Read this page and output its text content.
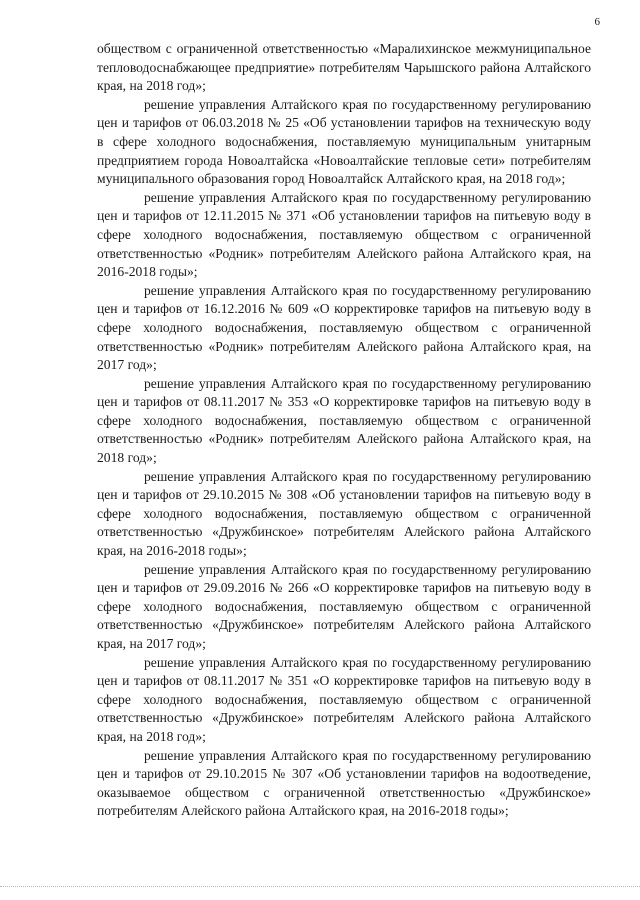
6

обществом с ограниченной ответственностью «Маралихинское межмуниципальное тепловодоснабжающее предприятие» потребителям Чарышского района Алтайского края, на 2018 год»;

решение управления Алтайского края по государственному регулированию цен и тарифов от 06.03.2018 № 25 «Об установлении тарифов на техническую воду в сфере холодного водоснабжения, поставляемую муниципальным унитарным предприятием города Новоалтайска «Новоалтайские тепловые сети» потребителям муниципального образования город Новоалтайск Алтайского края, на 2018 год»;

решение управления Алтайского края по государственному регулированию цен и тарифов от 12.11.2015 № 371 «Об установлении тарифов на питьевую воду в сфере холодного водоснабжения, поставляемую обществом с ограниченной ответственностью «Родник» потребителям Алейского района Алтайского края, на 2016-2018 годы»;

решение управления Алтайского края по государственному регулированию цен и тарифов от 16.12.2016 № 609 «О корректировке тарифов на питьевую воду в сфере холодного водоснабжения, поставляемую обществом с ограниченной ответственностью «Родник» потребителям Алейского района Алтайского края, на 2017 год»;

решение управления Алтайского края по государственному регулированию цен и тарифов от 08.11.2017 № 353 «О корректировке тарифов на питьевую воду в сфере холодного водоснабжения, поставляемую обществом с ограниченной ответственностью «Родник» потребителям Алейского района Алтайского края, на 2018 год»;

решение управления Алтайского края по государственному регулированию цен и тарифов от 29.10.2015 № 308 «Об установлении тарифов на питьевую воду в сфере холодного водоснабжения, поставляемую обществом с ограниченной ответственностью «Дружбинское» потребителям Алейского района Алтайского края, на 2016-2018 годы»;

решение управления Алтайского края по государственному регулированию цен и тарифов от 29.09.2016 № 266 «О корректировке тарифов на питьевую воду в сфере холодного водоснабжения, поставляемую обществом с ограниченной ответственностью «Дружбинское» потребителям Алейского района Алтайского края, на 2017 год»;

решение управления Алтайского края по государственному регулированию цен и тарифов от 08.11.2017 № 351 «О корректировке тарифов на питьевую воду в сфере холодного водоснабжения, поставляемую обществом с ограниченной ответственностью «Дружбинское» потребителям Алейского района Алтайского края, на 2018 год»;

решение управления Алтайского края по государственному регулированию цен и тарифов от 29.10.2015 № 307 «Об установлении тарифов на водоотведение, оказываемое обществом с ограниченной ответственностью «Дружбинское» потребителям Алейского района Алтайского края, на 2016-2018 годы»;
